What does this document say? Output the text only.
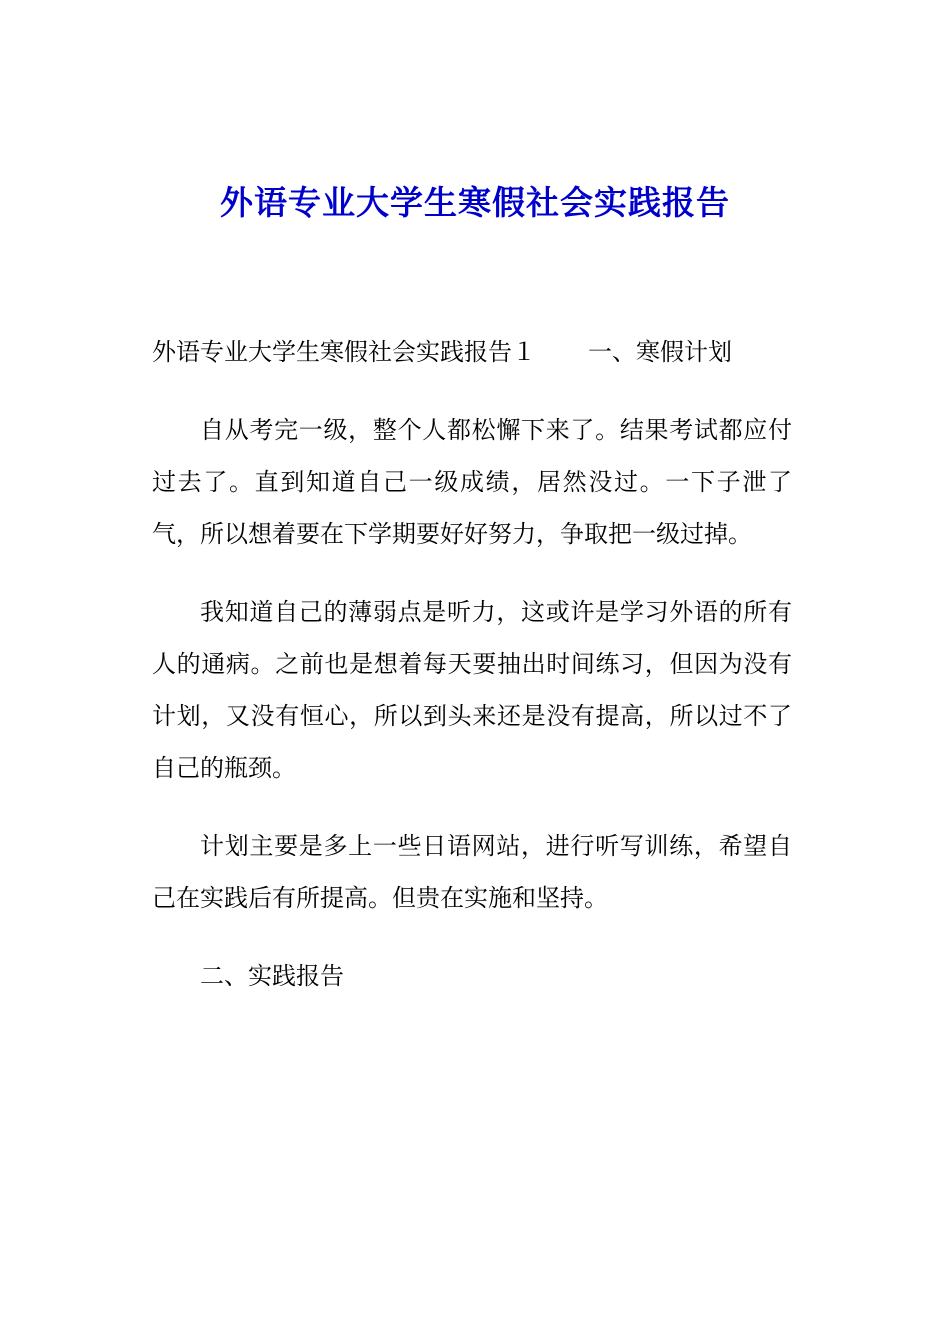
外语专业大学生寒假社会实践报告

外语专业大学生寒假社会实践报告１ 一、寒假计划

自从考完一级，整个人都松懈下来了。结果考试都应付过去了。直到知道自己一级成绩，居然没过。一下子泄了气，所以想着要在下学期要好好努力，争取把一级过掉。

我知道自己的薄弱点是听力，这或许是学习外语的所有人的通病。之前也是想着每天要抽出时间练习，但因为没有计划，又没有恒心，所以到头来还是没有提高，所以过不了自己的瓶颈。

计划主要是多上一些日语网站，进行听写训练，希望自己在实践后有所提高。但贵在实施和坚持。

二、实践报告
